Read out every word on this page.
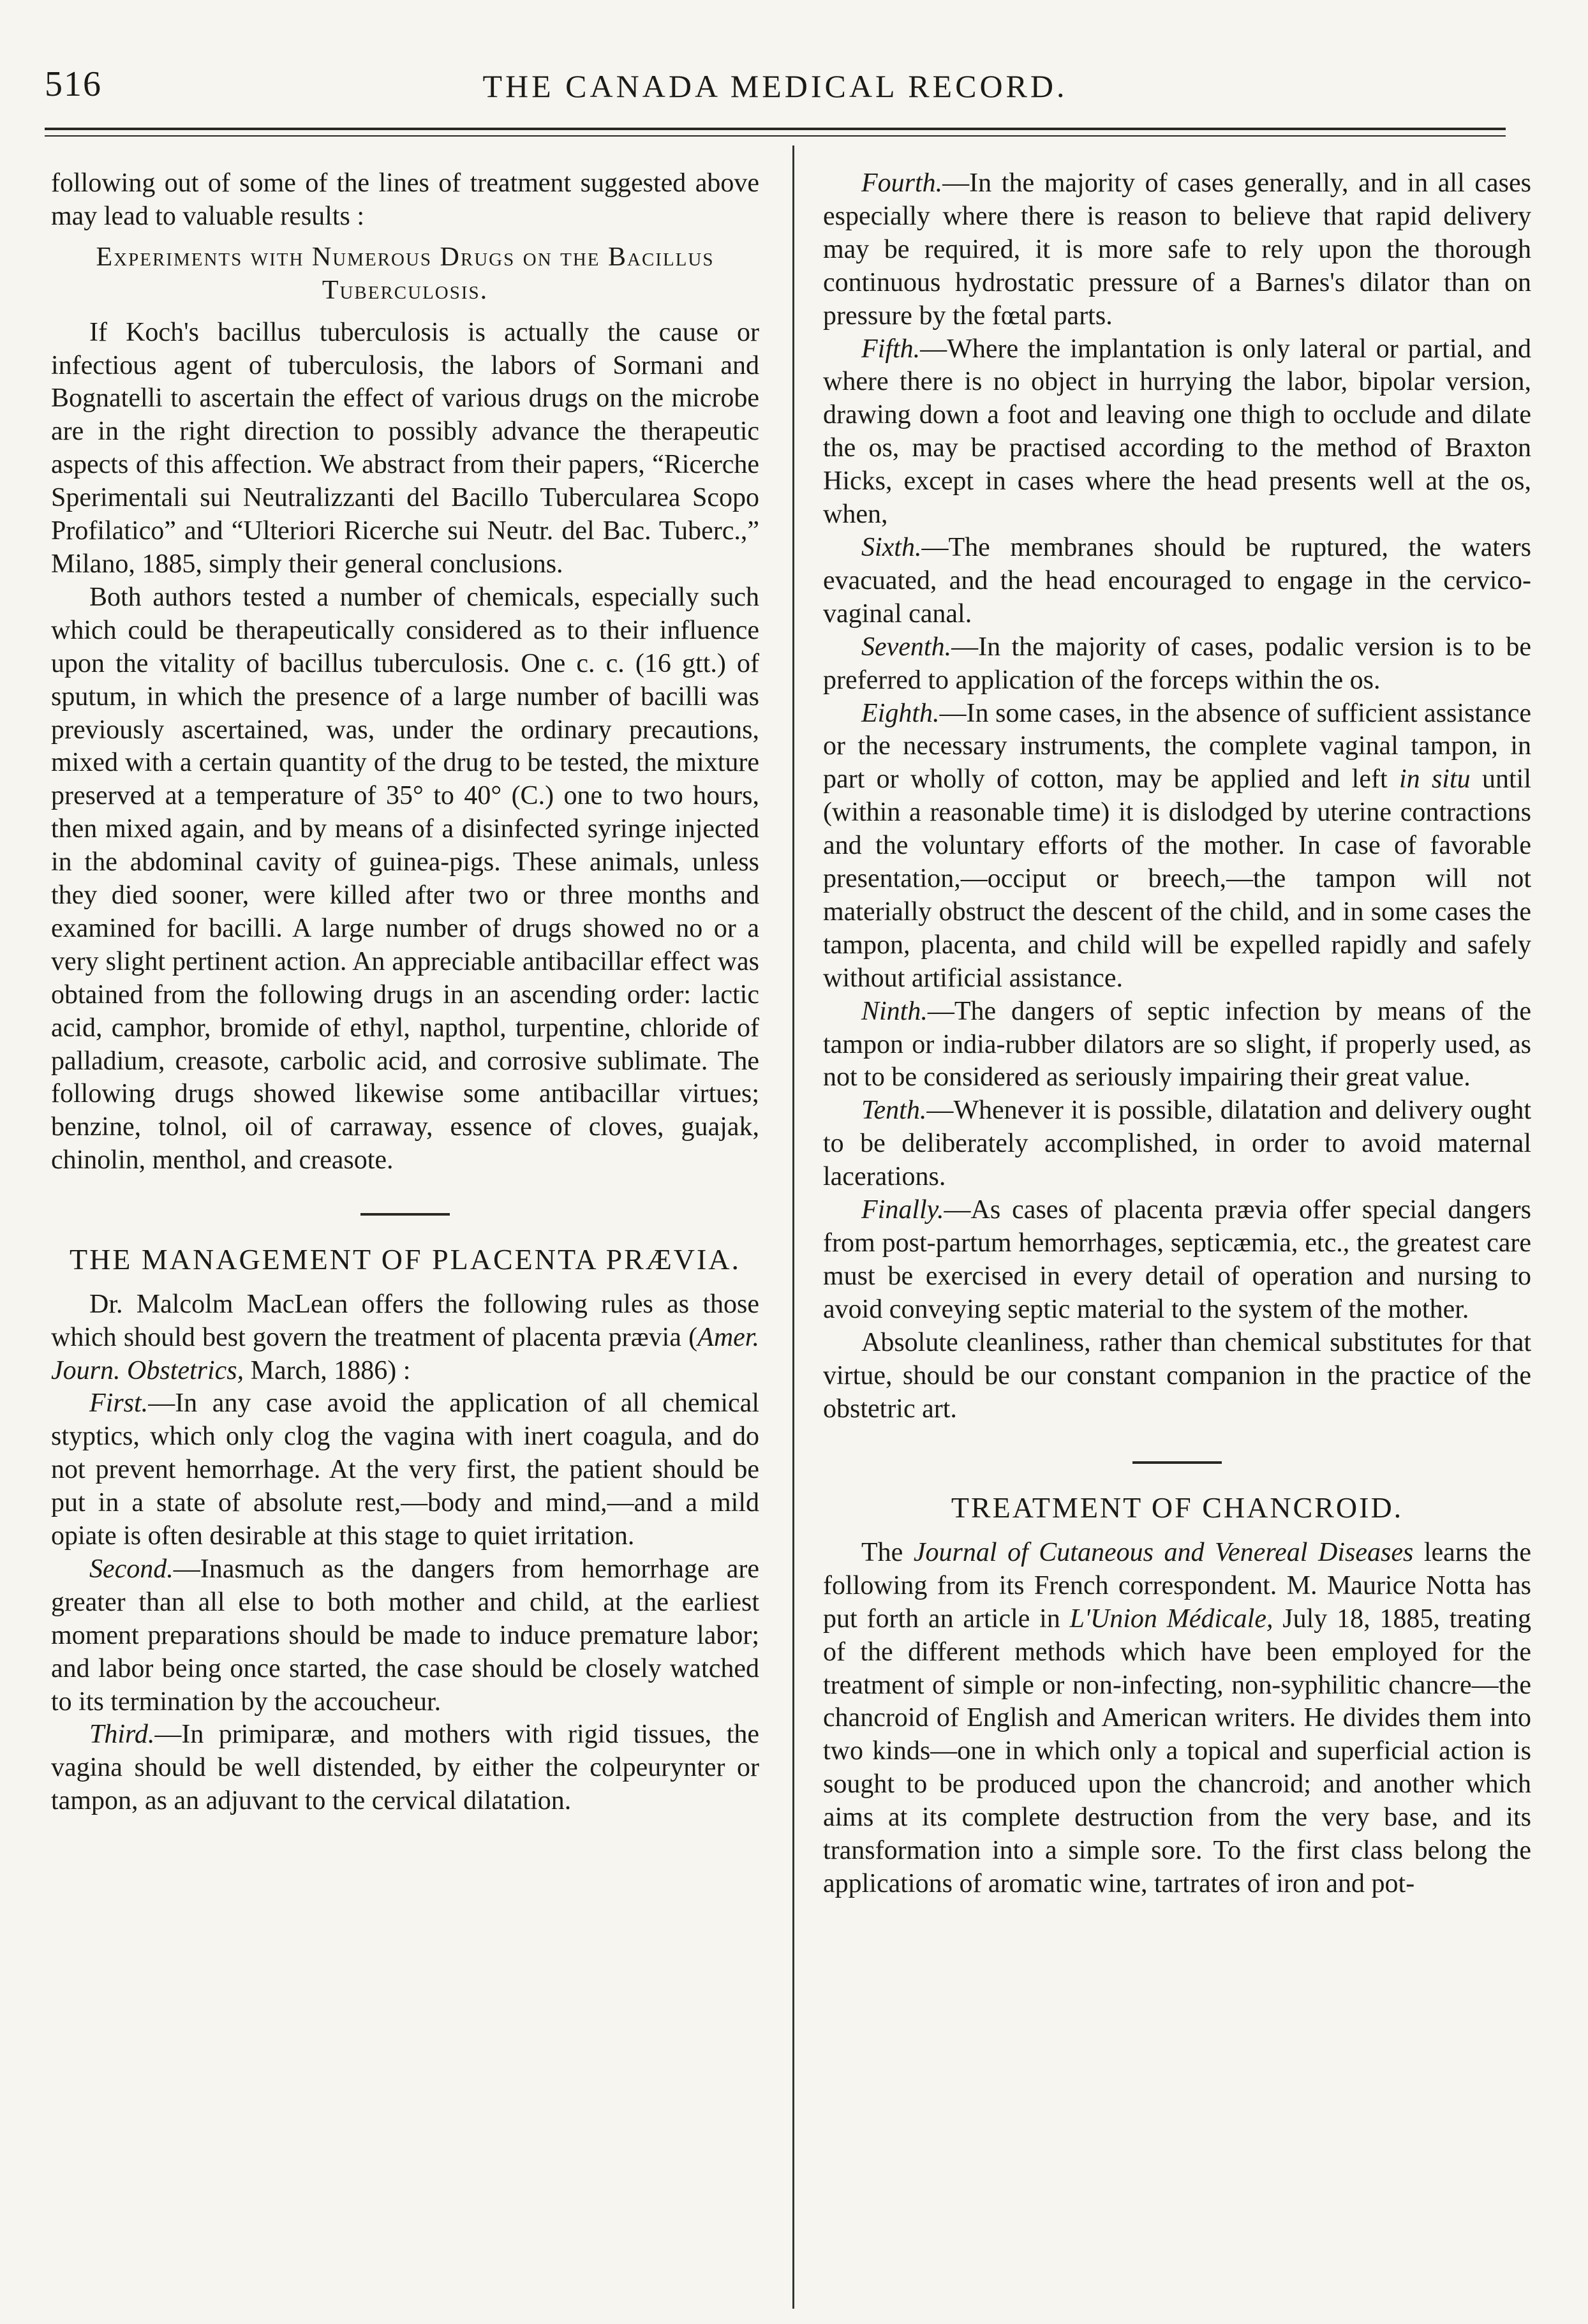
516	THE CANADA MEDICAL RECORD.

following out of some of the lines of treatment suggested above may lead to valuable results :

Experiments with Numerous Drugs on the Bacillus Tuberculosis.

If Koch's bacillus tuberculosis is actually the cause or infectious agent of tuberculosis, the labors of Sormani and Bognatelli to ascertain the effect of various drugs on the microbe are in the right direction to possibly advance the therapeutic aspects of this affection. We abstract from their papers, “Ricerche Sperimentali sui Neutralizzanti del Bacillo Tubercularea Scopo Profilatico” and “Ulteriori Ricerche sui Neutr. del Bac. Tuberc.,” Milano, 1885, simply their general conclusions.

Both authors tested a number of chemicals, especially such which could be therapeutically considered as to their influence upon the vitality of bacillus tuberculosis. One c. c. (16 gtt.) of sputum, in which the presence of a large number of bacilli was previously ascertained, was, under the ordinary precautions, mixed with a certain quantity of the drug to be tested, the mixture preserved at a temperature of 35° to 40° (C.) one to two hours, then mixed again, and by means of a disinfected syringe injected in the abdominal cavity of guinea-pigs. These animals, unless they died sooner, were killed after two or three months and examined for bacilli. A large number of drugs showed no or a very slight pertinent action. An appreciable antibacillar effect was obtained from the following drugs in an ascending order: lactic acid, camphor, bromide of ethyl, napthol, turpentine, chloride of palladium, creasote, carbolic acid, and corrosive sublimate. The following drugs showed likewise some antibacillar virtues; benzine, tolnol, oil of carraway, essence of cloves, guajak, chinolin, menthol, and creasote.

THE MANAGEMENT OF PLACENTA PRÆVIA.

Dr. Malcolm MacLean offers the following rules as those which should best govern the treatment of placenta prævia (Amer. Journ. Obstetrics, March, 1886) :

First.—In any case avoid the application of all chemical styptics, which only clog the vagina with inert coagula, and do not prevent hemorrhage. At the very first, the patient should be put in a state of absolute rest,—body and mind,—and a mild opiate is often desirable at this stage to quiet irritation.

Second.—Inasmuch as the dangers from hemorrhage are greater than all else to both mother and child, at the earliest moment preparations should be made to induce premature labor; and labor being once started, the case should be closely watched to its termination by the accoucheur.

Third.—In primiparæ, and mothers with rigid tissues, the vagina should be well distended, by either the colpeurynter or tampon, as an adjuvant to the cervical dilatation.

Fourth.—In the majority of cases generally, and in all cases especially where there is reason to believe that rapid delivery may be required, it is more safe to rely upon the thorough continuous hydrostatic pressure of a Barnes's dilator than on pressure by the fœtal parts.

Fifth.—Where the implantation is only lateral or partial, and where there is no object in hurrying the labor, bipolar version, drawing down a foot and leaving one thigh to occlude and dilate the os, may be practised according to the method of Braxton Hicks, except in cases where the head presents well at the os, when,

Sixth.—The membranes should be ruptured, the waters evacuated, and the head encouraged to engage in the cervico-vaginal canal.

Seventh.—In the majority of cases, podalic version is to be preferred to application of the forceps within the os.

Eighth.—In some cases, in the absence of sufficient assistance or the necessary instruments, the complete vaginal tampon, in part or wholly of cotton, may be applied and left in situ until (within a reasonable time) it is dislodged by uterine contractions and the voluntary efforts of the mother. In case of favorable presentation,—occiput or breech,—the tampon will not materially obstruct the descent of the child, and in some cases the tampon, placenta, and child will be expelled rapidly and safely without artificial assistance.

Ninth.—The dangers of septic infection by means of the tampon or india-rubber dilators are so slight, if properly used, as not to be considered as seriously impairing their great value.

Tenth.—Whenever it is possible, dilatation and delivery ought to be deliberately accomplished, in order to avoid maternal lacerations.

Finally.—As cases of placenta prævia offer special dangers from post-partum hemorrhages, septicæmia, etc., the greatest care must be exercised in every detail of operation and nursing to avoid conveying septic material to the system of the mother.

Absolute cleanliness, rather than chemical substitutes for that virtue, should be our constant companion in the practice of the obstetric art.

TREATMENT OF CHANCROID.

The Journal of Cutaneous and Venereal Diseases learns the following from its French correspondent. M. Maurice Notta has put forth an article in L'Union Médicale, July 18, 1885, treating of the different methods which have been employed for the treatment of simple or non-infecting, non-syphilitic chancre—the chancroid of English and American writers. He divides them into two kinds—one in which only a topical and superficial action is sought to be produced upon the chancroid; and another which aims at its complete destruction from the very base, and its transformation into a simple sore. To the first class belong the applications of aromatic wine, tartrates of iron and pot-
